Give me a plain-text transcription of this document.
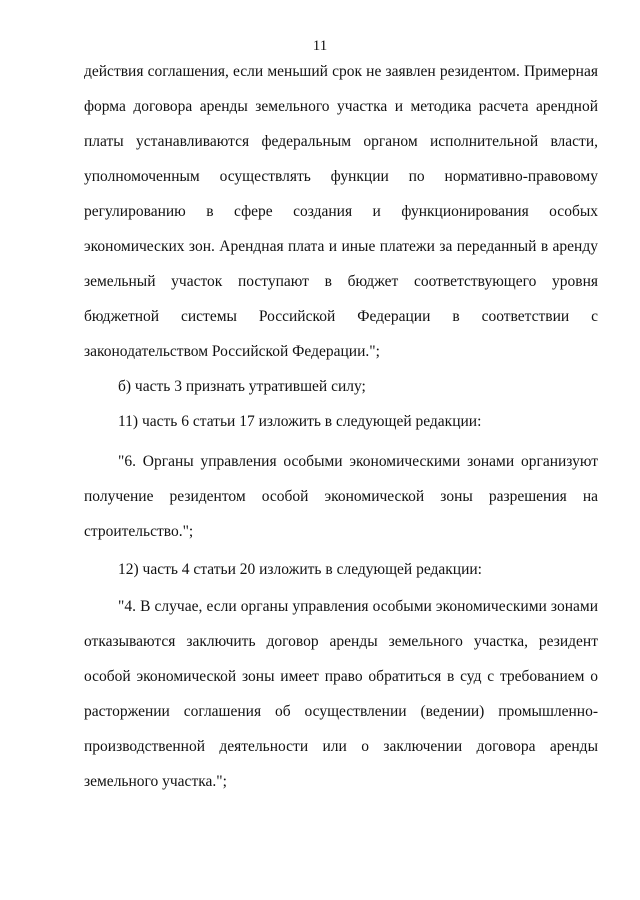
11
действия соглашения, если меньший срок не заявлен резидентом. Примерная
форма договора аренды земельного участка и методика расчета арендной
платы устанавливаются федеральным органом исполнительной власти,
уполномоченным осуществлять функции по нормативно-правовому
регулированию в сфере создания и функционирования особых
экономических зон. Арендная плата и иные платежи за переданный в аренду
земельный участок поступают в бюджет соответствующего уровня
бюджетной системы Российской Федерации в соответствии с
законодательством Российской Федерации.";
б) часть 3 признать утратившей силу;
11) часть 6 статьи 17 изложить в следующей редакции:
"6. Органы управления особыми экономическими зонами организуют
получение резидентом особой экономической зоны разрешения на
строительство.";
12) часть 4 статьи 20 изложить в следующей редакции:
"4. В случае, если органы управления особыми экономическими зонами
отказываются заключить договор аренды земельного участка, резидент
особой экономической зоны имеет право обратиться в суд с требованием о
расторжении соглашения об осуществлении (ведении) промышленно-
производственной деятельности или о заключении договора аренды
земельного участка.";
